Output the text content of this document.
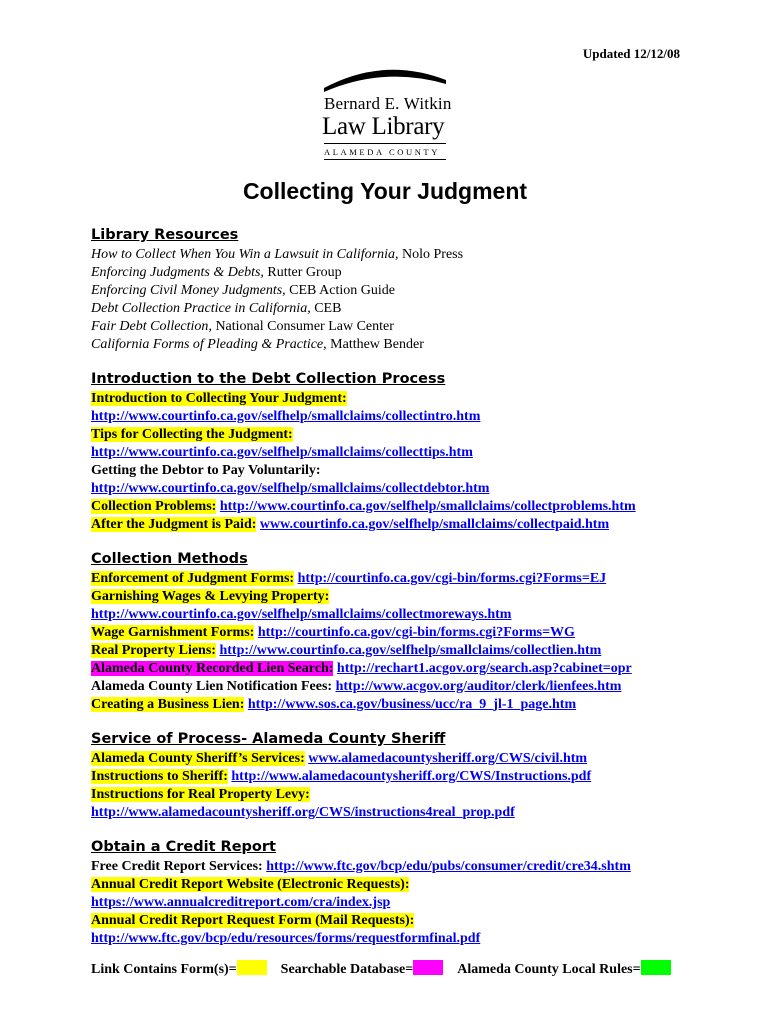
Updated 12/12/08
Bernard E. Witkin
Law Library
ALAMEDA COUNTY
Collecting Your Judgment
Library Resources
How to Collect When You Win a Lawsuit in California, Nolo Press
Enforcing Judgments & Debts, Rutter Group
Enforcing Civil Money Judgments, CEB Action Guide
Debt Collection Practice in California, CEB
Fair Debt Collection, National Consumer Law Center
California Forms of Pleading & Practice, Matthew Bender
Introduction to the Debt Collection Process
Introduction to Collecting Your Judgment:
http://www.courtinfo.ca.gov/selfhelp/smallclaims/collectintro.htm
Tips for Collecting the Judgment:
http://www.courtinfo.ca.gov/selfhelp/smallclaims/collecttips.htm
Getting the Debtor to Pay Voluntarily:
http://www.courtinfo.ca.gov/selfhelp/smallclaims/collectdebtor.htm
Collection Problems: http://www.courtinfo.ca.gov/selfhelp/smallclaims/collectproblems.htm
After the Judgment is Paid: www.courtinfo.ca.gov/selfhelp/smallclaims/collectpaid.htm
Collection Methods
Enforcement of Judgment Forms: http://courtinfo.ca.gov/cgi-bin/forms.cgi?Forms=EJ
Garnishing Wages & Levying Property:
http://www.courtinfo.ca.gov/selfhelp/smallclaims/collectmoreways.htm
Wage Garnishment Forms: http://courtinfo.ca.gov/cgi-bin/forms.cgi?Forms=WG
Real Property Liens: http://www.courtinfo.ca.gov/selfhelp/smallclaims/collectlien.htm
Alameda County Recorded Lien Search: http://rechart1.acgov.org/search.asp?cabinet=opr
Alameda County Lien Notification Fees: http://www.acgov.org/auditor/clerk/lienfees.htm
Creating a Business Lien: http://www.sos.ca.gov/business/ucc/ra_9_jl-1_page.htm
Service of Process- Alameda County Sheriff
Alameda County Sheriff’s Services: www.alamedacountysheriff.org/CWS/civil.htm
Instructions to Sheriff: http://www.alamedacountysheriff.org/CWS/Instructions.pdf
Instructions for Real Property Levy:
http://www.alamedacountysheriff.org/CWS/instructions4real_prop.pdf
Obtain a Credit Report
Free Credit Report Services: http://www.ftc.gov/bcp/edu/pubs/consumer/credit/cre34.shtm
Annual Credit Report Website (Electronic Requests):
https://www.annualcreditreport.com/cra/index.jsp
Annual Credit Report Request Form (Mail Requests):
http://www.ftc.gov/bcp/edu/resources/forms/requestformfinal.pdf
Link Contains Form(s)=	Searchable Database=	Alameda County Local Rules=
